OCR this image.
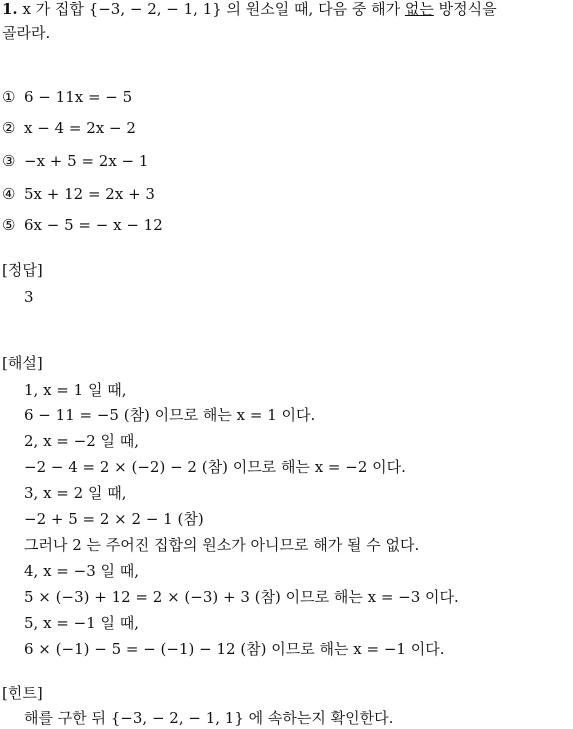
1. x 가 집합 {−3, − 2, − 1, 1} 의 원소일 때, 다음 중 해가 없는 방정식을
골라라.
① 6 − 11x = − 5
② x − 4 = 2x − 2
③ −x + 5 = 2x − 1
④ 5x + 12 = 2x + 3
⑤ 6x − 5 = − x − 12
[정답]
3
[해설]
1, x = 1 일 때,
6 − 11 = −5 (참) 이므로 해는 x = 1 이다.
2, x = −2 일 때,
−2 − 4 = 2 × (−2) − 2 (참) 이므로 해는 x = −2 이다.
3, x = 2 일 때,
−2 + 5 = 2 × 2 − 1 (참)
그러나 2 는 주어진 집합의 원소가 아니므로 해가 될 수 없다.
4, x = −3 일 때,
5 × (−3) + 12 = 2 × (−3) + 3 (참) 이므로 해는 x = −3 이다.
5, x = −1 일 때,
6 × (−1) − 5 = − (−1) − 12 (참) 이므로 해는 x = −1 이다.
[힌트]
해를 구한 뒤 {−3, − 2, − 1, 1} 에 속하는지 확인한다.
